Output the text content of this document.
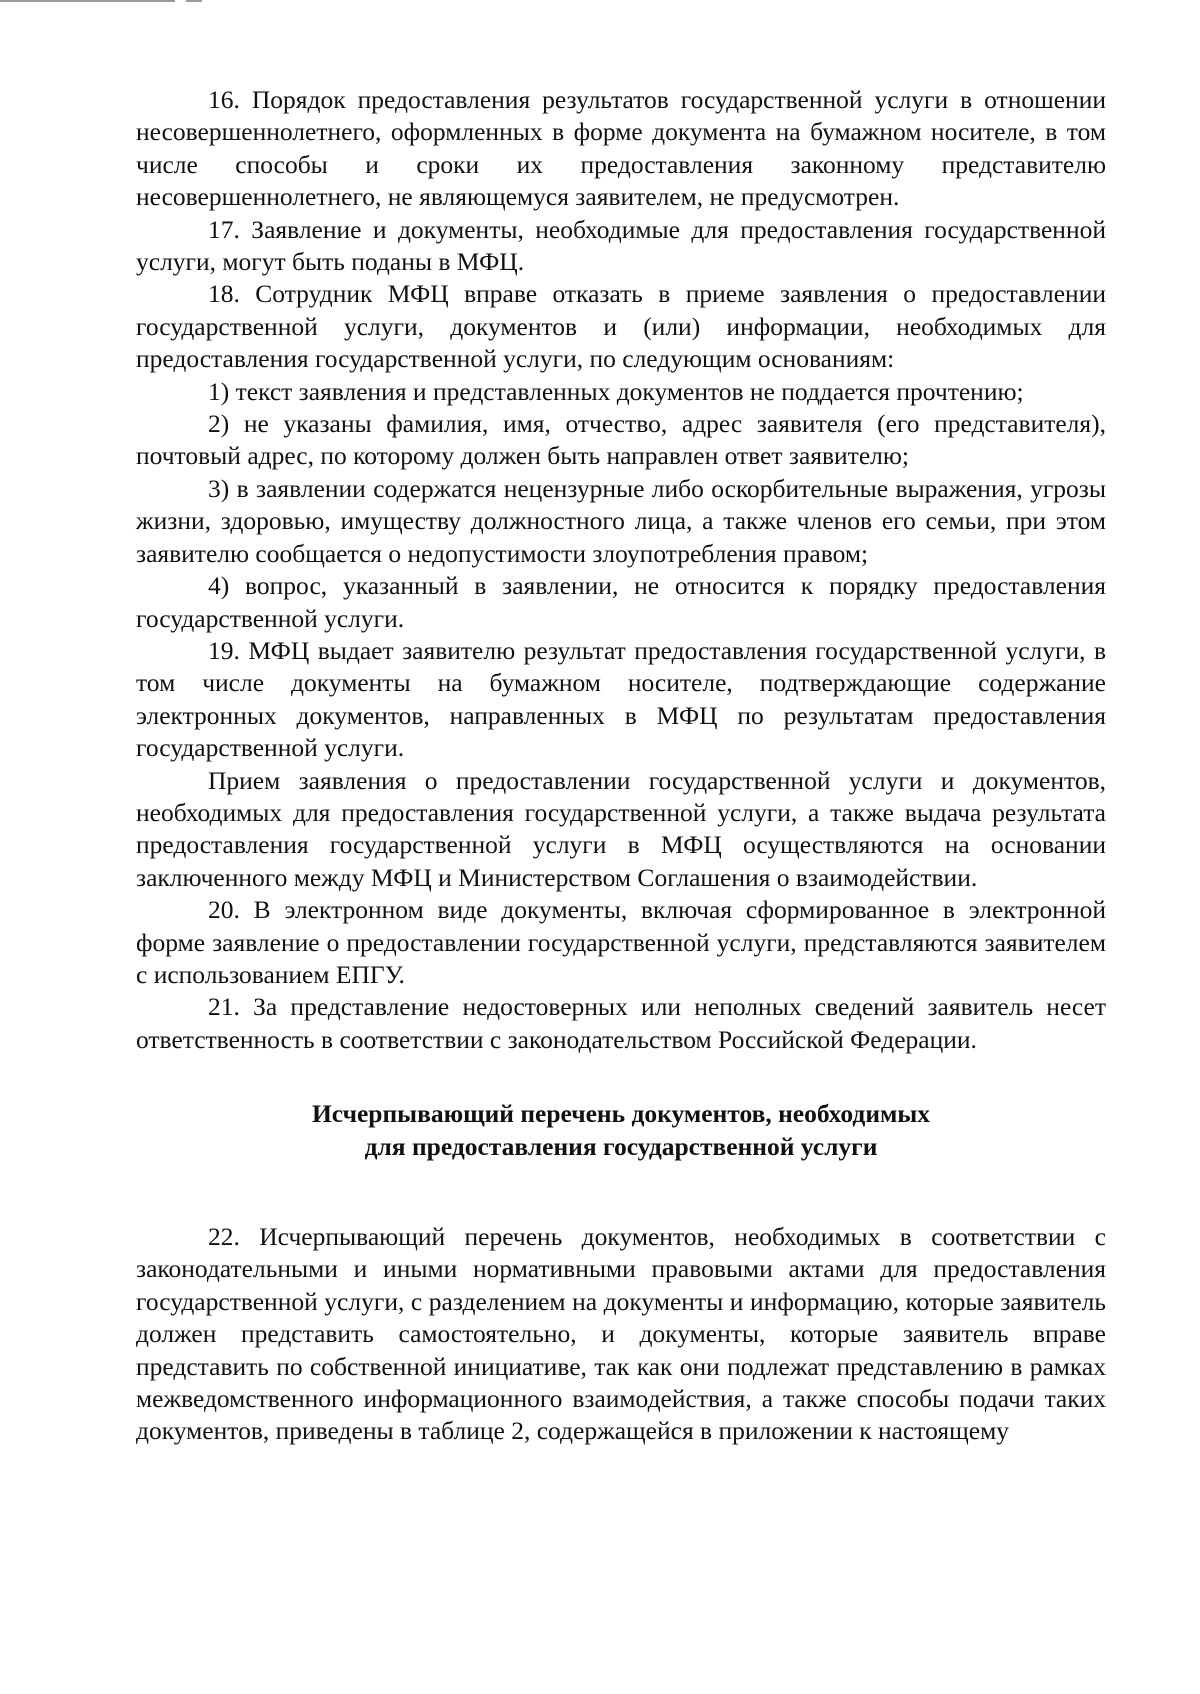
16. Порядок предоставления результатов государственной услуги в отношении несовершеннолетнего, оформленных в форме документа на бумажном носителе, в том числе способы и сроки их предоставления законному представителю несовершеннолетнего, не являющемуся заявителем, не предусмотрен.

17. Заявление и документы, необходимые для предоставления государственной услуги, могут быть поданы в МФЦ.

18. Сотрудник МФЦ вправе отказать в приеме заявления о предоставлении государственной услуги, документов и (или) информации, необходимых для предоставления государственной услуги, по следующим основаниям:

1) текст заявления и представленных документов не поддается прочтению;

2) не указаны фамилия, имя, отчество, адрес заявителя (его представителя), почтовый адрес, по которому должен быть направлен ответ заявителю;

3) в заявлении содержатся нецензурные либо оскорбительные выражения, угрозы жизни, здоровью, имуществу должностного лица, а также членов его семьи, при этом заявителю сообщается о недопустимости злоупотребления правом;

4) вопрос, указанный в заявлении, не относится к порядку предоставления государственной услуги.

19. МФЦ выдает заявителю результат предоставления государственной услуги, в том числе документы на бумажном носителе, подтверждающие содержание электронных документов, направленных в МФЦ по результатам предоставления государственной услуги.

Прием заявления о предоставлении государственной услуги и документов, необходимых для предоставления государственной услуги, а также выдача результата предоставления государственной услуги в МФЦ осуществляются на основании заключенного между МФЦ и Министерством Соглашения о взаимодействии.

20. В электронном виде документы, включая сформированное в электронной форме заявление о предоставлении государственной услуги, представляются заявителем с использованием ЕПГУ.

21. За представление недостоверных или неполных сведений заявитель несет ответственность в соответствии с законодательством Российской Федерации.

Исчерпывающий перечень документов, необходимых
для предоставления государственной услуги

22. Исчерпывающий перечень документов, необходимых в соответствии с законодательными и иными нормативными правовыми актами для предоставления государственной услуги, с разделением на документы и информацию, которые заявитель должен представить самостоятельно, и документы, которые заявитель вправе представить по собственной инициативе, так как они подлежат представлению в рамках межведомственного информационного взаимодействия, а также способы подачи таких документов, приведены в таблице 2, содержащейся в приложении к настоящему
